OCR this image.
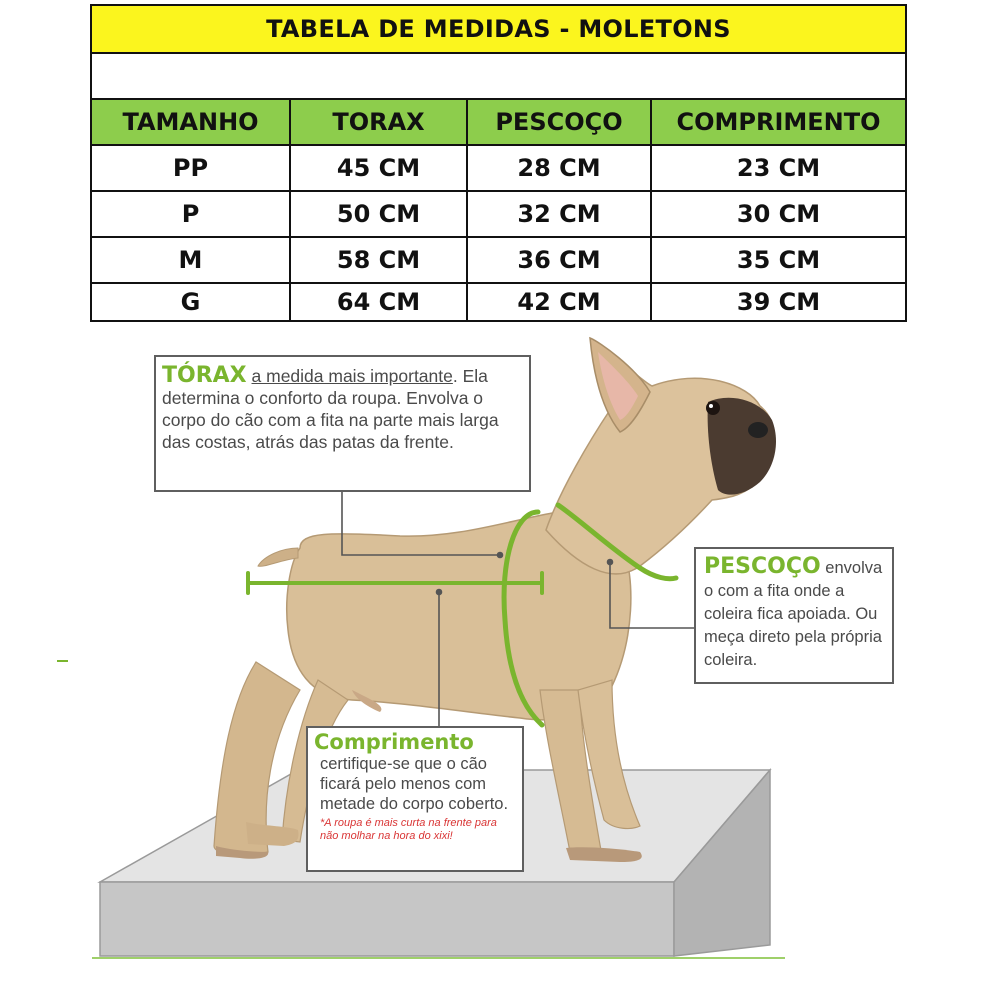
TABELA DE MEDIDAS - MOLETONS
TAMANHO	TORAX	PESCOÇO	COMPRIMENTO
PP	45 CM	28 CM	23 CM
P	50 CM	32 CM	30 CM
M	58 CM	36 CM	35 CM
G	64 CM	42 CM	39 CM
TÓRAX a medida mais importante. Ela determina o conforto da roupa. Envolva o corpo do cão com a fita na parte mais larga das costas, atrás das patas da frente.
PESCOÇO envolva o com a fita onde a coleira fica apoiada. Ou meça direto pela própria coleira.
Comprimento
certifique-se que o cão ficará pelo menos com metade do corpo coberto.
*A roupa é mais curta na frente para não molhar na hora do xixi!
